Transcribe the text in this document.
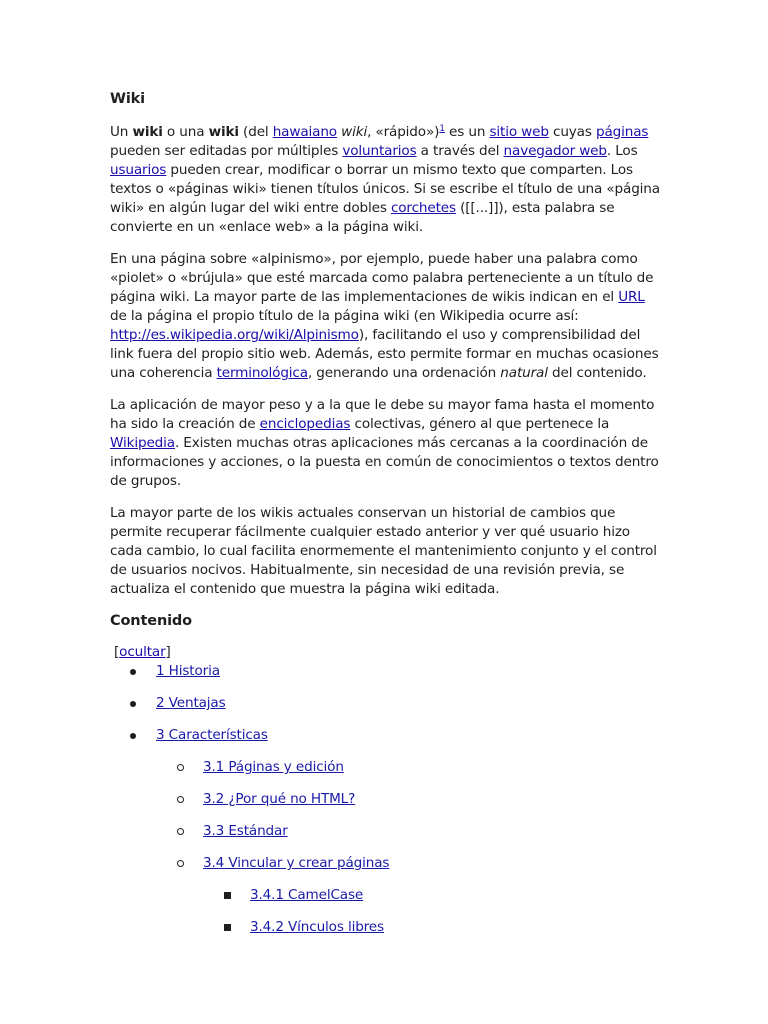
Wiki

Un wiki o una wiki (del hawaiano wiki, «rápido»)$^1$ es un sitio web cuyas páginas pueden ser editadas por múltiples voluntarios a través del navegador web. Los usuarios pueden crear, modificar o borrar un mismo texto que comparten. Los textos o «páginas wiki» tienen títulos únicos. Si se escribe el título de una «página wiki» en algún lugar del wiki entre dobles corchetes ([[...]]), esta palabra se convierte en un «enlace web» a la página wiki.

En una página sobre «alpinismo», por ejemplo, puede haber una palabra como «piolet» o «brújula» que esté marcada como palabra perteneciente a un título de página wiki. La mayor parte de las implementaciones de wikis indican en el URL de la página el propio título de la página wiki (en Wikipedia ocurre así: http://es.wikipedia.org/wiki/Alpinismo), facilitando el uso y comprensibilidad del link fuera del propio sitio web. Además, esto permite formar en muchas ocasiones una coherencia terminológica, generando una ordenación natural del contenido.

La aplicación de mayor peso y a la que le debe su mayor fama hasta el momento ha sido la creación de enciclopedias colectivas, género al que pertenece la Wikipedia. Existen muchas otras aplicaciones más cercanas a la coordinación de informaciones y acciones, o la puesta en común de conocimientos o textos dentro de grupos.

La mayor parte de los wikis actuales conservan un historial de cambios que permite recuperar fácilmente cualquier estado anterior y ver qué usuario hizo cada cambio, lo cual facilita enormemente el mantenimiento conjunto y el control de usuarios nocivos. Habitualmente, sin necesidad de una revisión previa, se actualiza el contenido que muestra la página wiki editada.

Contenido
[ocultar]
1 Historia
2 Ventajas
3 Características
3.1 Páginas y edición
3.2 ¿Por qué no HTML?
3.3 Estándar
3.4 Vincular y crear páginas
3.4.1 CamelCase
3.4.2 Vínculos libres
